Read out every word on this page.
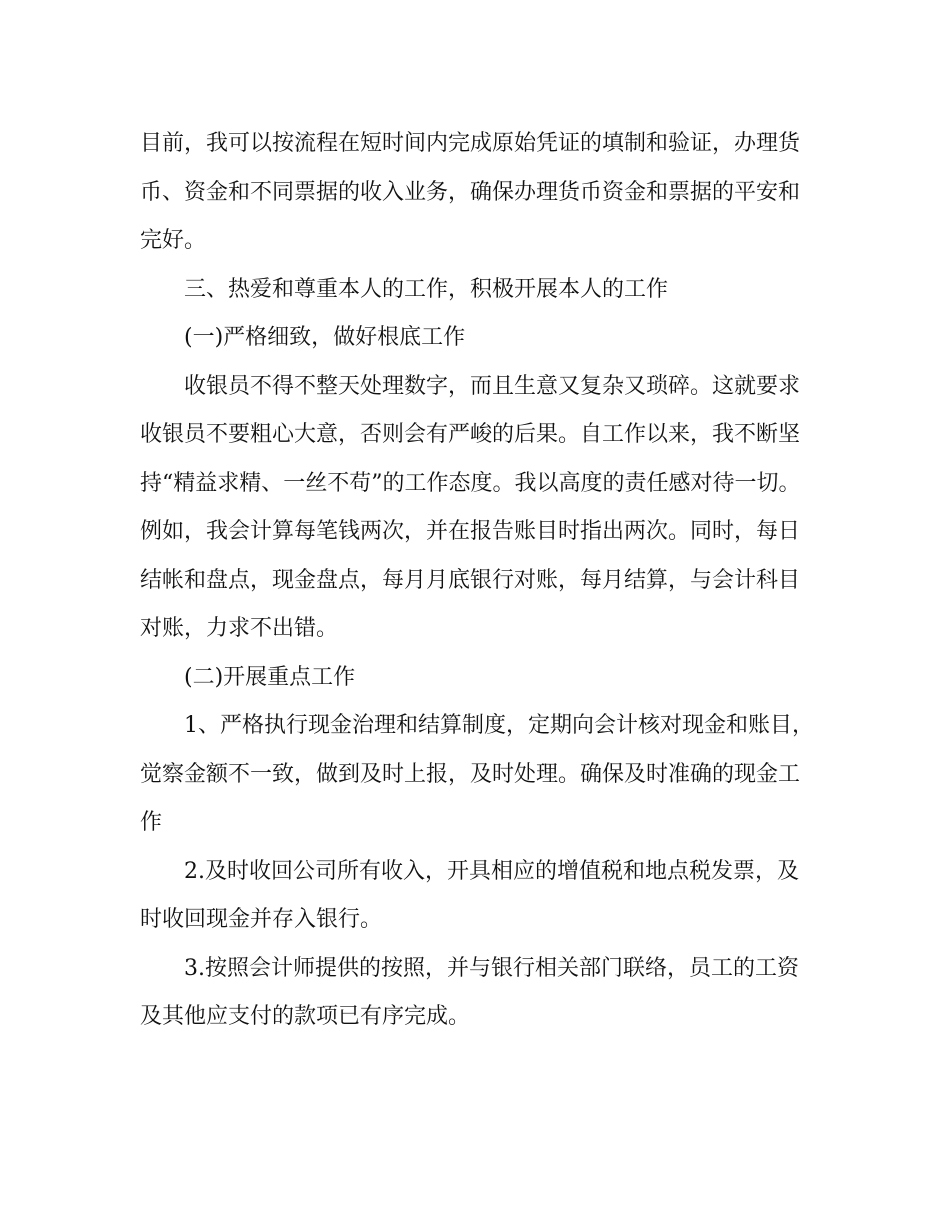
目前，我可以按流程在短时间内完成原始凭证的填制和验证，办理货
币、资金和不同票据的收入业务，确保办理货币资金和票据的平安和
完好。

三、热爱和尊重本人的工作，积极开展本人的工作

(一)严格细致，做好根底工作

收银员不得不整天处理数字，而且生意又复杂又琐碎。这就要求
收银员不要粗心大意，否则会有严峻的后果。自工作以来，我不断坚
持“精益求精、一丝不苟”的工作态度。我以高度的责任感对待一切。
例如，我会计算每笔钱两次，并在报告账目时指出两次。同时，每日
结帐和盘点，现金盘点，每月月底银行对账，每月结算，与会计科目
对账，力求不出错。

(二)开展重点工作

1、严格执行现金治理和结算制度，定期向会计核对现金和账目，
觉察金额不一致，做到及时上报，及时处理。确保及时准确的现金工
作

2.及时收回公司所有收入，开具相应的增值税和地点税发票，及
时收回现金并存入银行。

3.按照会计师提供的按照，并与银行相关部门联络，员工的工资
及其他应支付的款项已有序完成。
